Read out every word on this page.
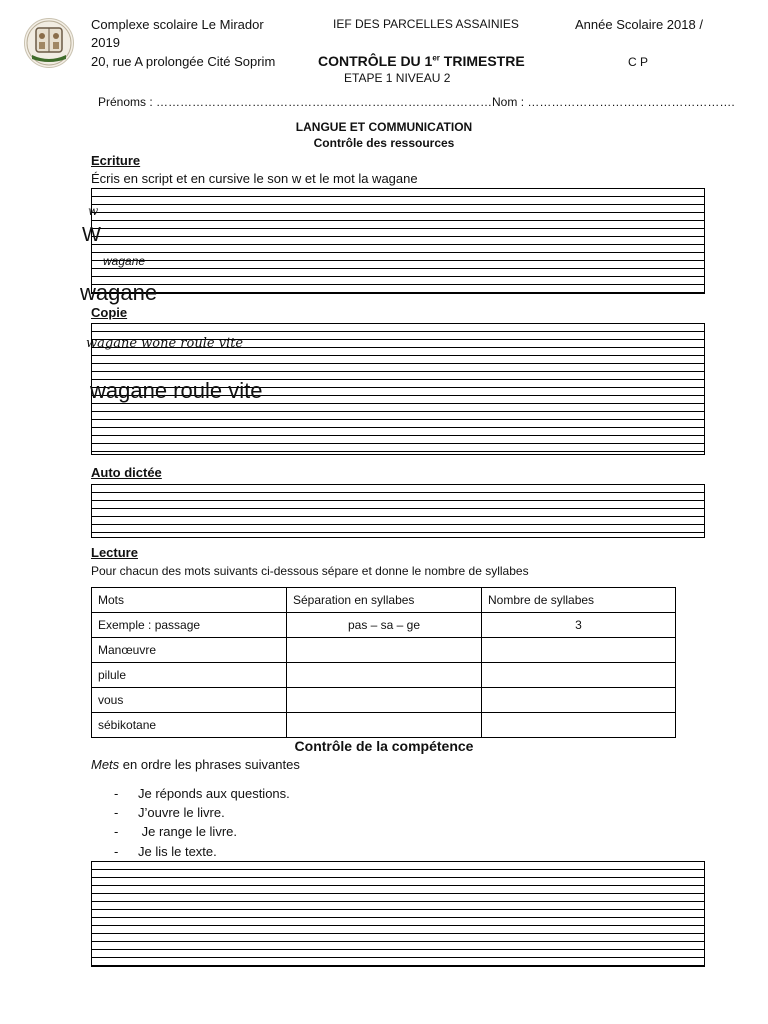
Complexe scolaire Le Mirador
2019
20, rue A prolongée Cité Soprim
IEF DES PARCELLES ASSAINIES	Année Scolaire 2018 /
CONTRÔLE DU 1er TRIMESTRE	C P
ETAPE 1 NIVEAU 2
Prénoms : …………………………………………………………………………Nom : …………………………………………….
LANGUE ET COMMUNICATION
Contrôle des ressources
Ecriture
Écris en script et en cursive le son w et le mot la wagane
w
W
wagane
wagane
Copie
wagane wone roule vite
wagane roule vite
Auto dictée
Lecture
Pour chacun des mots suivants ci-dessous sépare et donne le nombre de syllabes
Mots	Séparation en syllabes	Nombre de syllabes
Exemple : passage	pas – sa – ge	3
Manœuvre		
pilule		
vous		
sébikotane		
Contrôle de la compétence
Mets en ordre les phrases suivantes
- Je réponds aux questions.
- J’ouvre le livre.
- Je range le livre.
- Je lis le texte.
